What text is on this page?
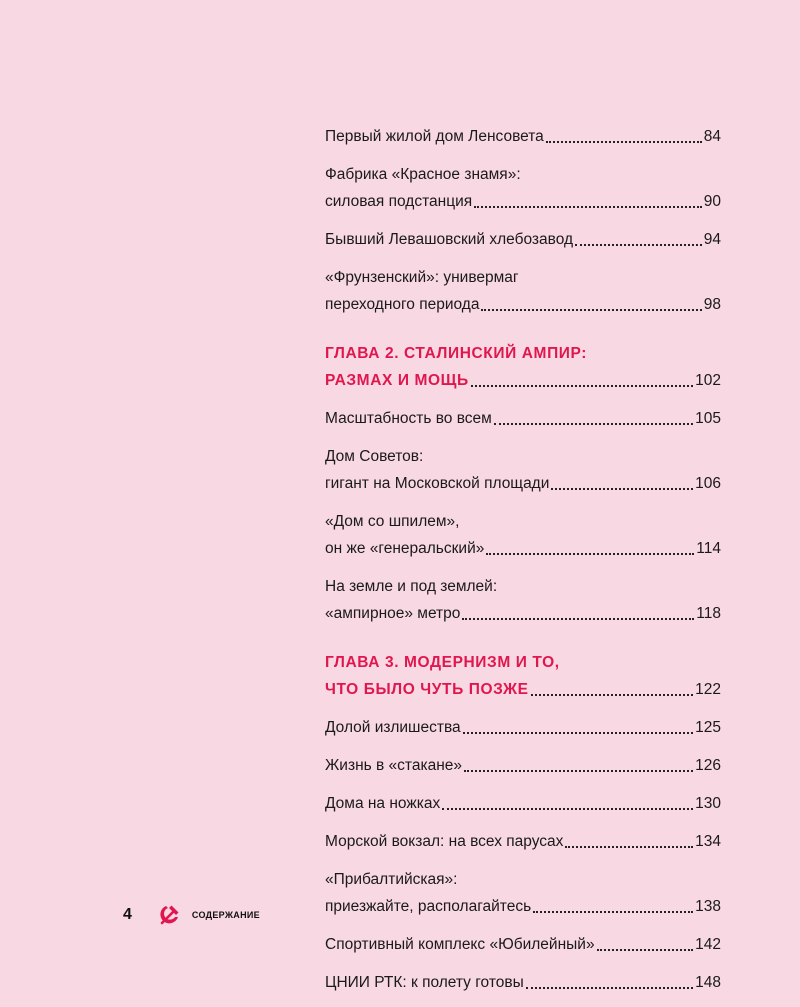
Первый жилой дом Ленсовета	84
Фабрика «Красное знамя»:
силовая подстанция	90
Бывший Левашовский хлебозавод	94
«Фрунзенский»: универмаг
переходного периода	98
ГЛАВА 2. СТАЛИНСКИЙ АМПИР:
РАЗМАХ И МОЩЬ	102
Масштабность во всем	105
Дом Советов:
гигант на Московской площади	106
«Дом со шпилем»,
он же «генеральский»	114
На земле и под землей:
«ампирное» метро	118
ГЛАВА 3. МОДЕРНИЗМ И ТО,
ЧТО БЫЛО ЧУТЬ ПОЗЖЕ	122
Долой излишества	125
Жизнь в «стакане»	126
Дома на ножках	130
Морской вокзал: на всех парусах	134
«Прибалтийская»:
приезжайте, располагайтесь	138
Спортивный комплекс «Юбилейный»	142
ЦНИИ РТК: к полету готовы	148
4	СОДЕРЖАНИЕ
